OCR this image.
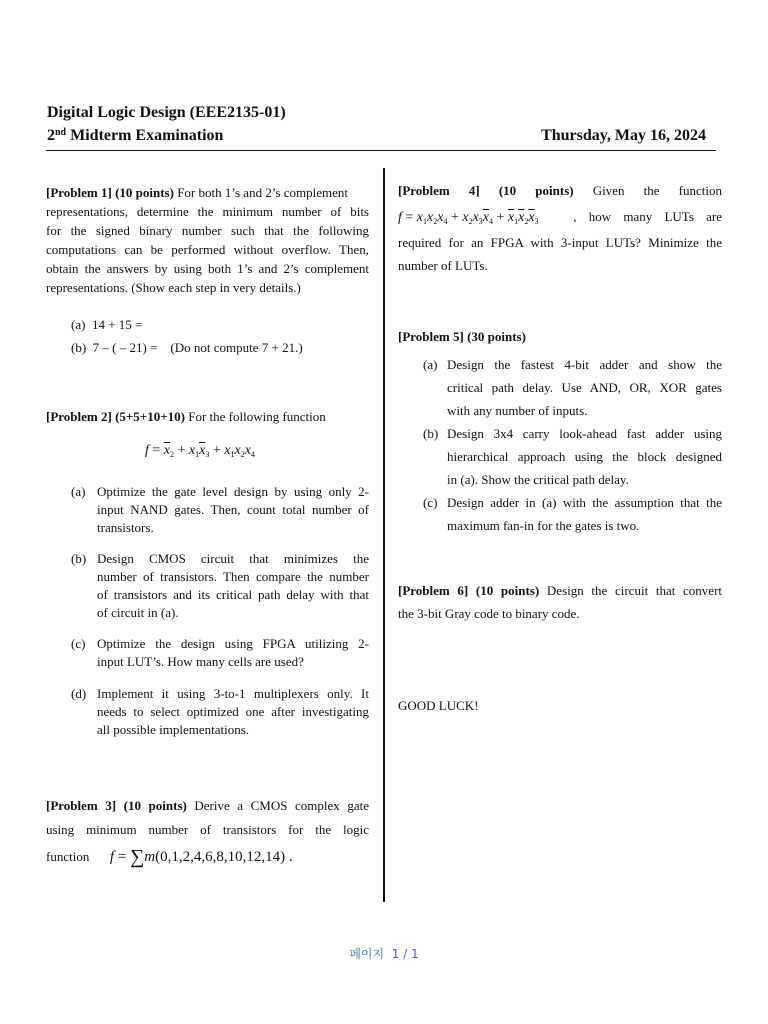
Digital Logic Design (EEE2135-01)
2nd Midterm Examination	Thursday, May 16, 2024
[Problem 1] (10 points) For both 1’s and 2’s complement
representations, determine the minimum number of bits
for the signed binary number such that the following
computations can be performed without overflow. Then,
obtain the answers by using both 1’s and 2’s complement
representations. (Show each step in very details.)
(a) 14 + 15 =
(b) 7 – ( – 21) = (Do not compute 7 + 21.)
[Problem 2] (5+5+10+10) For the following function
$f = \overline{x}_2 + x_1\overline{x}_3 + x_1x_2x_4$
(a) Optimize the gate level design by using only 2-
input NAND gates. Then, count total number of
transistors.
(b) Design CMOS circuit that minimizes the
number of transistors. Then compare the number
of transistors and its critical path delay with that
of circuit in (a).
(c) Optimize the design using FPGA utilizing 2-
input LUT’s. How many cells are used?
(d) Implement it using 3-to-1 multiplexers only. It
needs to select optimized one after investigating
all possible implementations.
[Problem 3] (10 points) Derive a CMOS complex gate
using minimum number of transistors for the logic
function f = ∑m(0,1,2,4,6,8,10,12,14) .
[Problem 4] (10 points) Given the function
$f = x_1x_2x_4 + x_2x_3\overline{x}_4 + \overline{x}_1\overline{x}_2\overline{x}_3$	, how many LUTs are
required for an FPGA with 3-input LUTs? Minimize the
number of LUTs.
[Problem 5] (30 points)
(a) Design the fastest 4-bit adder and show the
critical path delay. Use AND, OR, XOR gates
with any number of inputs.
(b) Design 3x4 carry look-ahead fast adder using
hierarchical approach using the block designed
in (a). Show the critical path delay.
(c) Design adder in (a) with the assumption that the
maximum fan-in for the gates is two.
[Problem 6] (10 points) Design the circuit that convert
the 3-bit Gray code to binary code.
GOOD LUCK!
페이지 1 / 1
